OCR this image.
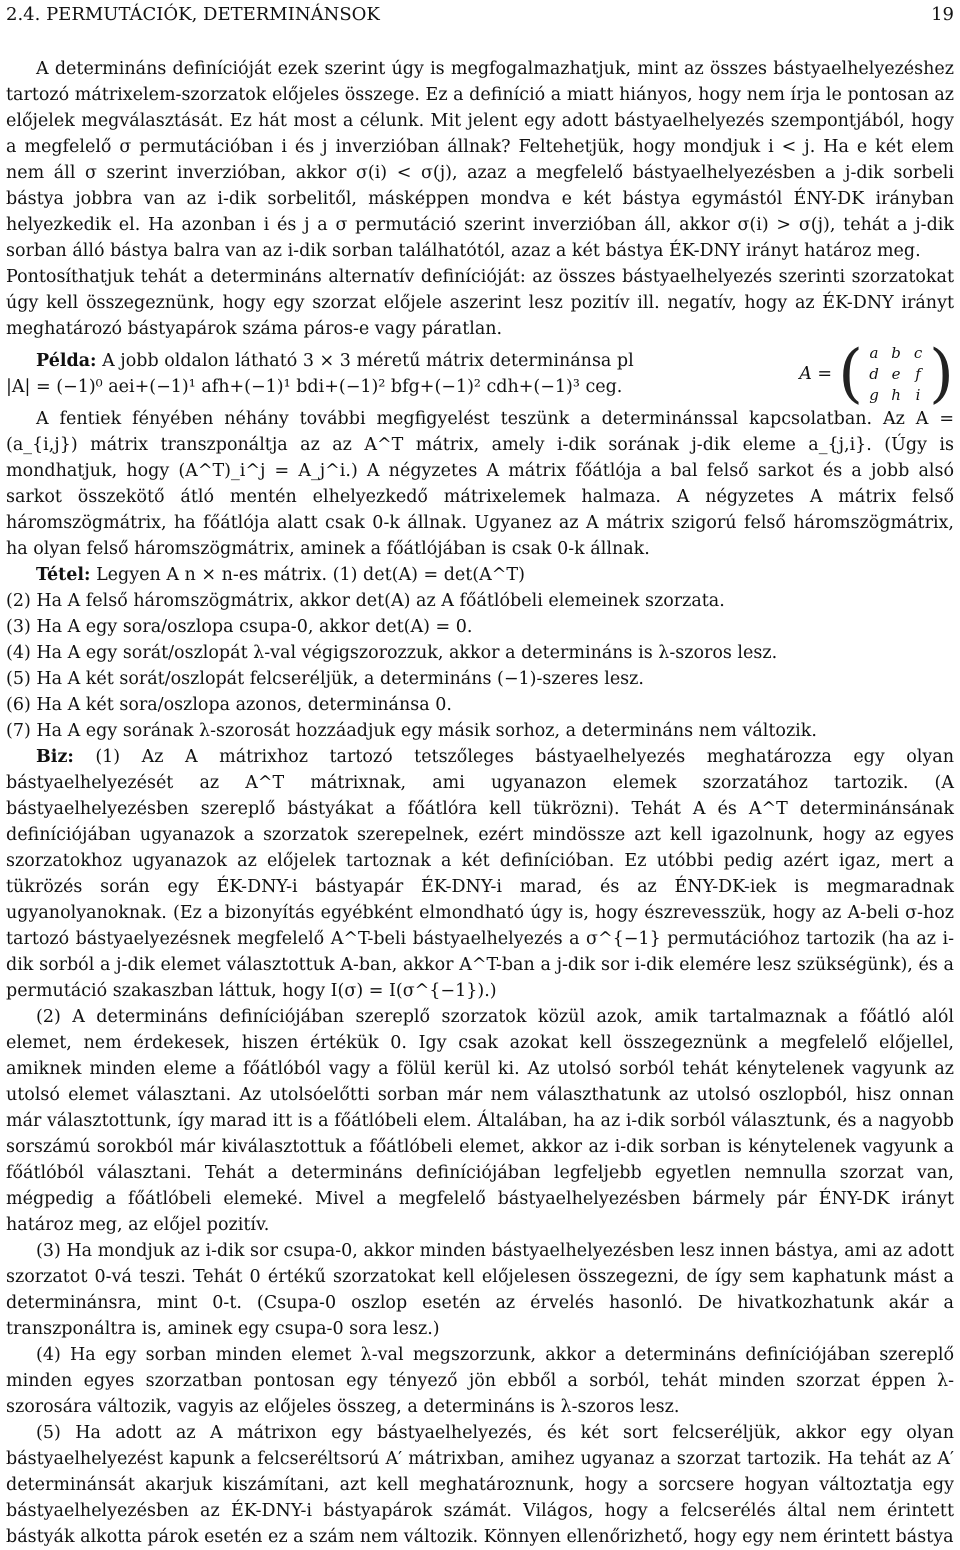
2.4. PERMUTÁCIÓK, DETERMINÁNSOK	19

A determináns definícióját ezek szerint úgy is megfogalmazhatjuk, mint az összes bástyaelhelyezéshez tartozó mátrixelem-szorzatok előjeles összege. Ez a definíció a miatt hiányos, hogy nem írja le pontosan az előjelek megválasztását. Ez hát most a célunk. Mit jelent egy adott bástyaelhelyezés szempontjából, hogy a megfelelő σ permutációban i és j inverzióban állnak? Feltehetjük, hogy mondjuk i < j. Ha e két elem nem áll σ szerint inverzióban, akkor σ(i) < σ(j), azaz a megfelelő bástyaelhelyezésben a j-dik sorbeli bástya jobbra van az i-dik sorbelitől, másképpen mondva e két bástya egymástól ÉNY-DK irányban helyezkedik el. Ha azonban i és j a σ permutáció szerint inverzióban áll, akkor σ(i) > σ(j), tehát a j-dik sorban álló bástya balra van az i-dik sorban találhatótól, azaz a két bástya ÉK-DNY irányt határoz meg.

Pontosíthatjuk tehát a determináns alternatív definícióját: az összes bástyaelhelyezés szerinti szorzatokat úgy kell összegeznünk, hogy egy szorzat előjele aszerint lesz pozitív ill. negatív, hogy az ÉK-DNY irányt meghatározó bástyapárok száma páros-e vagy páratlan.

Példa: A jobb oldalon látható 3 × 3 méretű mátrix determinánsa pl

|A| = (−1)⁰ aei+(−1)¹ afh+(−1)¹ bdi+(−1)² bfg+(−1)² cdh+(−1)³ ceg.

A = ( a b c
d e f
g h i )

A fentiek fényében néhány további megfigyelést teszünk a determinánssal kapcsolatban. Az A = (a_{i,j}) mátrix transzponáltja az az A^T mátrix, amely i-dik sorának j-dik eleme a_{j,i}. (Úgy is mondhatjuk, hogy (A^T)_i^j = A_j^i.) A négyzetes A mátrix főátlója a bal felső sarkot és a jobb alsó sarkot összekötő átló mentén elhelyezkedő mátrixelemek halmaza. A négyzetes A mátrix felső háromszögmátrix, ha főátlója alatt csak 0-k állnak. Ugyanez az A mátrix szigorú felső háromszögmátrix, ha olyan felső háromszögmátrix, aminek a főátlójában is csak 0-k állnak.

Tétel: Legyen A n × n-es mátrix. (1) det(A) = det(A^T)

(2) Ha A felső háromszögmátrix, akkor det(A) az A főátlóbeli elemeinek szorzata.

(3) Ha A egy sora/oszlopa csupa-0, akkor det(A) = 0.

(4) Ha A egy sorát/oszlopát λ-val végigszorozzuk, akkor a determináns is λ-szoros lesz.

(5) Ha A két sorát/oszlopát felcseréljük, a determináns (−1)-szeres lesz.

(6) Ha A két sora/oszlopa azonos, determinánsa 0.

(7) Ha A egy sorának λ-szorosát hozzáadjuk egy másik sorhoz, a determináns nem változik.

Biz: (1) Az A mátrixhoz tartozó tetszőleges bástyaelhelyezés meghatározza egy olyan bástyaelhelyezését az A^T mátrixnak, ami ugyanazon elemek szorzatához tartozik. (A bástyaelhelyezésben szereplő bástyákat a főátlóra kell tükrözni). Tehát A és A^T determinánsának definíciójában ugyanazok a szorzatok szerepelnek, ezért mindössze azt kell igazolnunk, hogy az egyes szorzatokhoz ugyanazok az előjelek tartoznak a két definícióban. Ez utóbbi pedig azért igaz, mert a tükrözés során egy ÉK-DNY-i bástyapár ÉK-DNY-i marad, és az ÉNY-DK-iek is megmaradnak ugyanolyanoknak. (Ez a bizonyítás egyébként elmondható úgy is, hogy észrevesszük, hogy az A-beli σ-hoz tartozó bástyaelyezésnek megfelelő A^T-beli bástyaelhelyezés a σ^{−1} permutációhoz tartozik (ha az i-dik sorból a j-dik elemet választottuk A-ban, akkor A^T-ban a j-dik sor i-dik elemére lesz szükségünk), és a permutáció szakaszban láttuk, hogy I(σ) = I(σ^{−1}).)

(2) A determináns definíciójában szereplő szorzatok közül azok, amik tartalmaznak a főátló alól elemet, nem érdekesek, hiszen értékük 0. Igy csak azokat kell összegeznünk a megfelelő előjellel, amiknek minden eleme a főátlóból vagy a fölül kerül ki. Az utolsó sorból tehát kénytelenek vagyunk az utolsó elemet választani. Az utolsóelőtti sorban már nem választhatunk az utolsó oszlopból, hisz onnan már választottunk, így marad itt is a főátlóbeli elem. Általában, ha az i-dik sorból választunk, és a nagyobb sorszámú sorokból már kiválasztottuk a főátlóbeli elemet, akkor az i-dik sorban is kénytelenek vagyunk a főátlóból választani. Tehát a determináns definíciójában legfeljebb egyetlen nemnulla szorzat van, mégpedig a főátlóbeli elemeké. Mivel a megfelelő bástyaelhelyezésben bármely pár ÉNY-DK irányt határoz meg, az előjel pozitív.

(3) Ha mondjuk az i-dik sor csupa-0, akkor minden bástyaelhelyezésben lesz innen bástya, ami az adott szorzatot 0-vá teszi. Tehát 0 értékű szorzatokat kell előjelesen összegezni, de így sem kaphatunk mást a determinánsra, mint 0-t. (Csupa-0 oszlop esetén az érvelés hasonló. De hivatkozhatunk akár a transzponáltra is, aminek egy csupa-0 sora lesz.)

(4) Ha egy sorban minden elemet λ-val megszorzunk, akkor a determináns definíciójában szereplő minden egyes szorzatban pontosan egy tényező jön ebből a sorból, tehát minden szorzat éppen λ-szorosára változik, vagyis az előjeles összeg, a determináns is λ-szoros lesz.

(5) Ha adott az A mátrixon egy bástyaelhelyezés, és két sort felcseréljük, akkor egy olyan bástyaelhelyezést kapunk a felcseréltsorú A′ mátrixban, amihez ugyanaz a szorzat tartozik. Ha tehát az A′ determinánsát akarjuk kiszámítani, azt kell meghatároznunk, hogy a sorcsere hogyan változtatja egy bástyaelhelyezésben az ÉK-DNY-i bástyapárok számát. Világos, hogy a felcserélés által nem érintett bástyák alkotta párok esetén ez a szám nem változik. Könnyen ellenőrizhető, hogy egy nem érintett bástya
